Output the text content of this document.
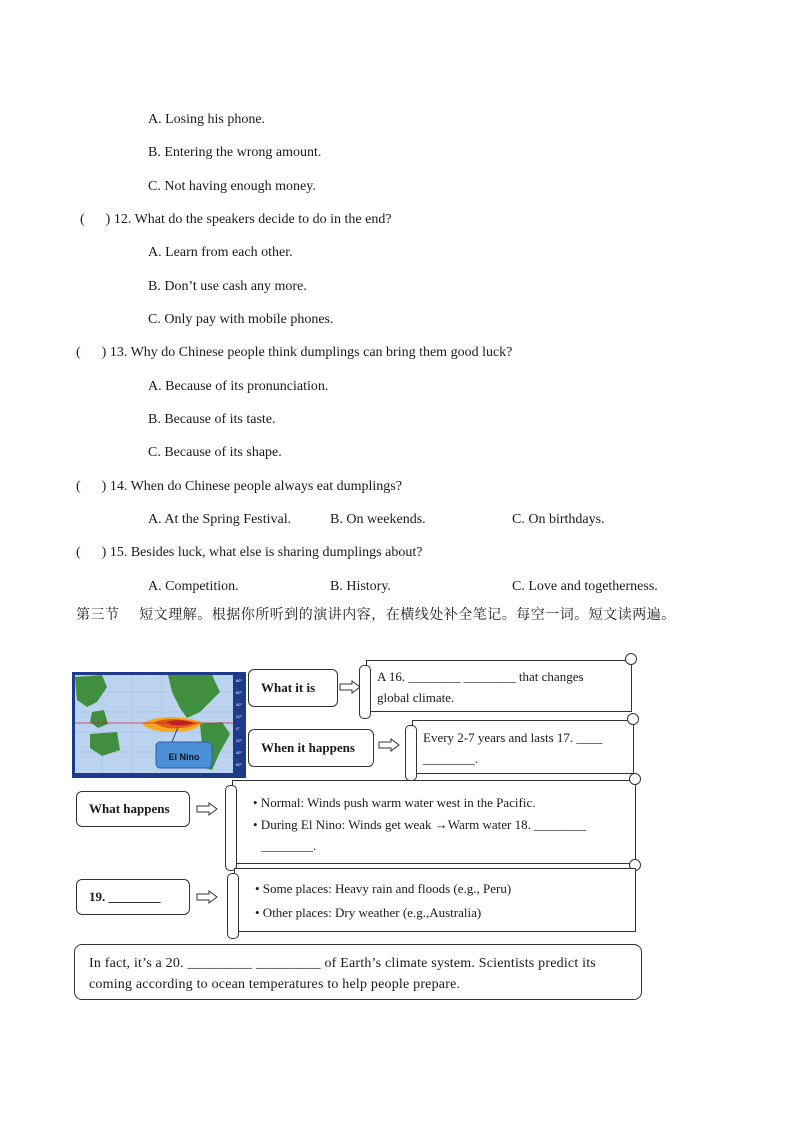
A. Losing his phone.
B. Entering the wrong amount.
C. Not having enough money.
(      ) 12. What do the speakers decide to do in the end?
A. Learn from each other.
B. Don’t use cash any more.
C. Only pay with mobile phones.
(      ) 13. Why do Chinese people think dumplings can bring them good luck?
A. Because of its pronunciation.
B. Because of its taste.
C. Because of its shape.
(      ) 14. When do Chinese people always eat dumplings?
A. At the Spring Festival.	B. On weekends.	C. On birthdays.
(      ) 15. Besides luck, what else is sharing dumplings about?
A. Competition.	B. History.	C. Love and togetherness.
第三节    短文理解。根据你所听到的演讲内容，在横线处补全笔记。每空一词。短文读两遍。
El Nino
80°
60°
40°
20°
0°
20°
40°
60°
What it is
A 16. ________ ________ that changes
global climate.
When it happens
Every 2-7 years and lasts 17. ____
________.
What happens	• Normal: Winds push warm water west in the Pacific.
• During El Nino: Winds get weak →Warm water 18. ________
________.
19. ________
• Some places: Heavy rain and floods (e.g., Peru)
• Other places: Dry weather (e.g.,Australia)
In fact, it’s a 20. _________ _________ of Earth’s climate system. Scientists predict its
coming according to ocean temperatures to help people prepare.
